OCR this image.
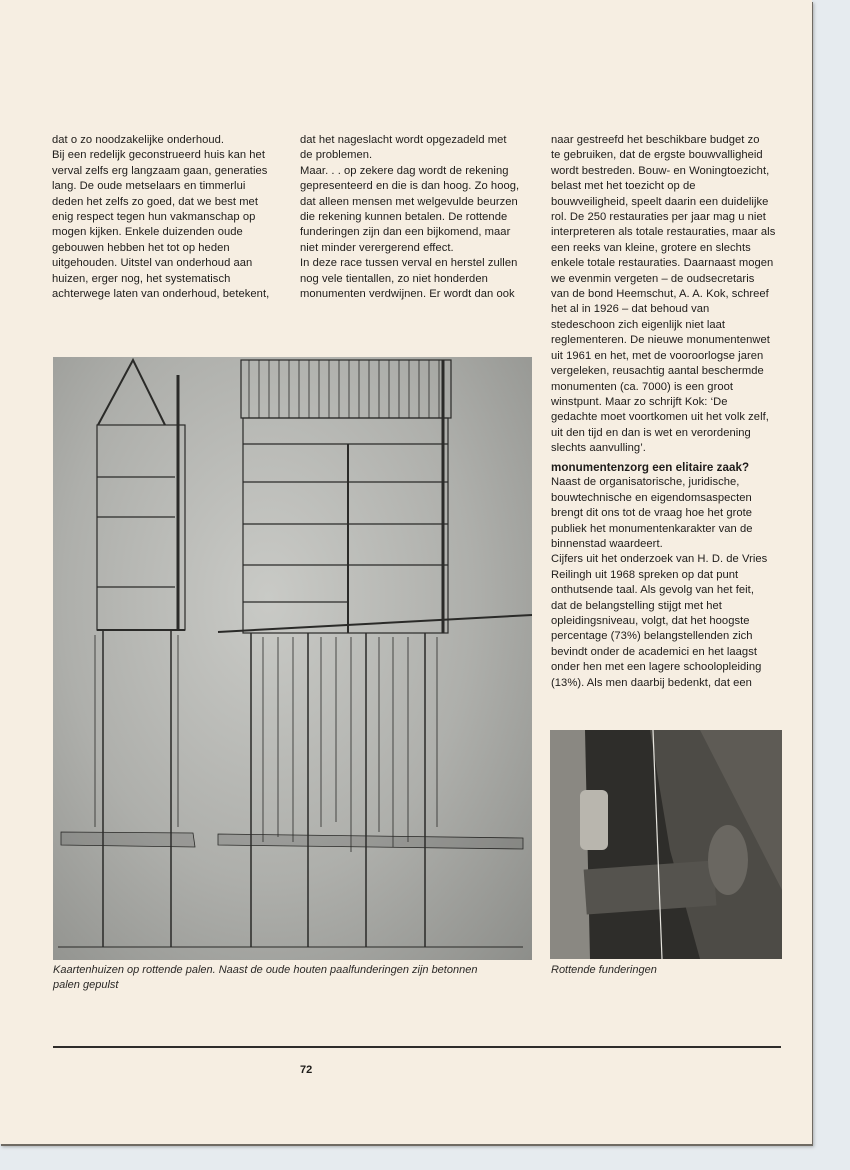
dat o zo noodzakelijke onderhoud.

Bij een redelijk geconstrueerd huis kan het

verval zelfs erg langzaam gaan, generaties

lang. De oude metselaars en timmerlui

deden het zelfs zo goed, dat we best met

enig respect tegen hun vakmanschap op

mogen kijken. Enkele duizenden oude

gebouwen hebben het tot op heden

uitgehouden. Uitstel van onderhoud aan

huizen, erger nog, het systematisch

achterwege laten van onderhoud, betekent,

dat het nageslacht wordt opgezadeld met

de problemen.

Maar. . . op zekere dag wordt de rekening

gepresenteerd en die is dan hoog. Zo hoog,

dat alleen mensen met welgevulde beurzen

die rekening kunnen betalen. De rottende

funderingen zijn dan een bijkomend, maar

niet minder verergerend effect.

In deze race tussen verval en herstel zullen

nog vele tientallen, zo niet honderden

monumenten verdwijnen. Er wordt dan ook

naar gestreefd het beschikbare budget zo

te gebruiken, dat de ergste bouwvalligheid

wordt bestreden. Bouw- en Woningtoezicht,

belast met het toezicht op de

bouwveiligheid, speelt daarin een duidelijke

rol. De 250 restauraties per jaar mag u niet

interpreteren als totale restauraties, maar als

een reeks van kleine, grotere en slechts

enkele totale restauraties. Daarnaast mogen

we evenmin vergeten – de oudsecretaris

van de bond Heemschut, A. A. Kok, schreef

het al in 1926 – dat behoud van

stedeschoon zich eigenlijk niet laat

reglementeren. De nieuwe monumentenwet

uit 1961 en het, met de vooroorlogse jaren

vergeleken, reusachtig aantal beschermde

monumenten (ca. 7000) is een groot

winstpunt. Maar zo schrijft Kok: ‘De

gedachte moet voortkomen uit het volk zelf,

uit den tijd en dan is wet en verordening

slechts aanvulling’.

monumentenzorg een elitaire zaak?

Naast de organisatorische, juridische,

bouwtechnische en eigendomsaspecten

brengt dit ons tot de vraag hoe het grote

publiek het monumentenkarakter van de

binnenstad waardeert.

Cijfers uit het onderzoek van H. D. de Vries

Reilingh uit 1968 spreken op dat punt

onthutsende taal. Als gevolg van het feit,

dat de belangstelling stijgt met het

opleidingsniveau, volgt, dat het hoogste

percentage (73%) belangstellenden zich

bevindt onder de academici en het laagst

onder hen met een lagere schoolopleiding

(13%). Als men daarbij bedenkt, dat een

Kaartenhuizen op rottende palen. Naast de oude houten paalfunderingen zijn betonnen
palen gepulst
Rottende funderingen
72
